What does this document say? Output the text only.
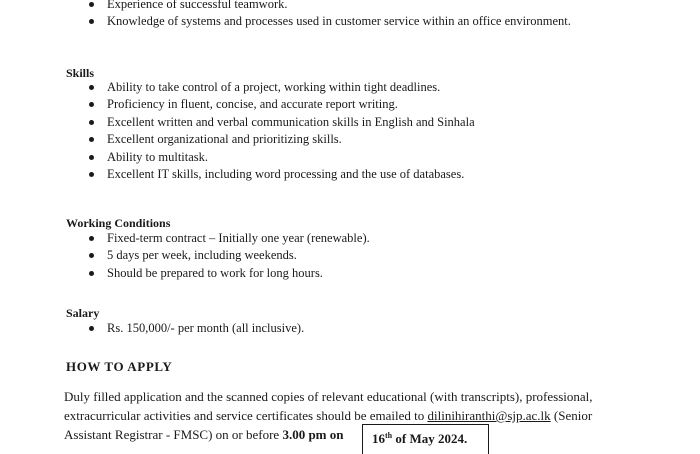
Experience of successful teamwork.
Knowledge of systems and processes used in customer service within an office environment.
Skills
Ability to take control of a project, working within tight deadlines.
Proficiency in fluent, concise, and accurate report writing.
Excellent written and verbal communication skills in English and Sinhala
Excellent organizational and prioritizing skills.
Ability to multitask.
Excellent IT skills, including word processing and the use of databases.
Working Conditions
Fixed-term contract – Initially one year (renewable).
5 days per week, including weekends.
Should be prepared to work for long hours.
Salary
Rs. 150,000/- per month (all inclusive).
HOW TO APPLY
Duly filled application and the scanned copies of relevant educational (with transcripts), professional,
extracurricular activities and service certificates should be emailed to dilinihiranthi@sjp.ac.lk (Senior
Assistant Registrar - FMSC) on or before 3.00 pm on	16th of May 2024.
